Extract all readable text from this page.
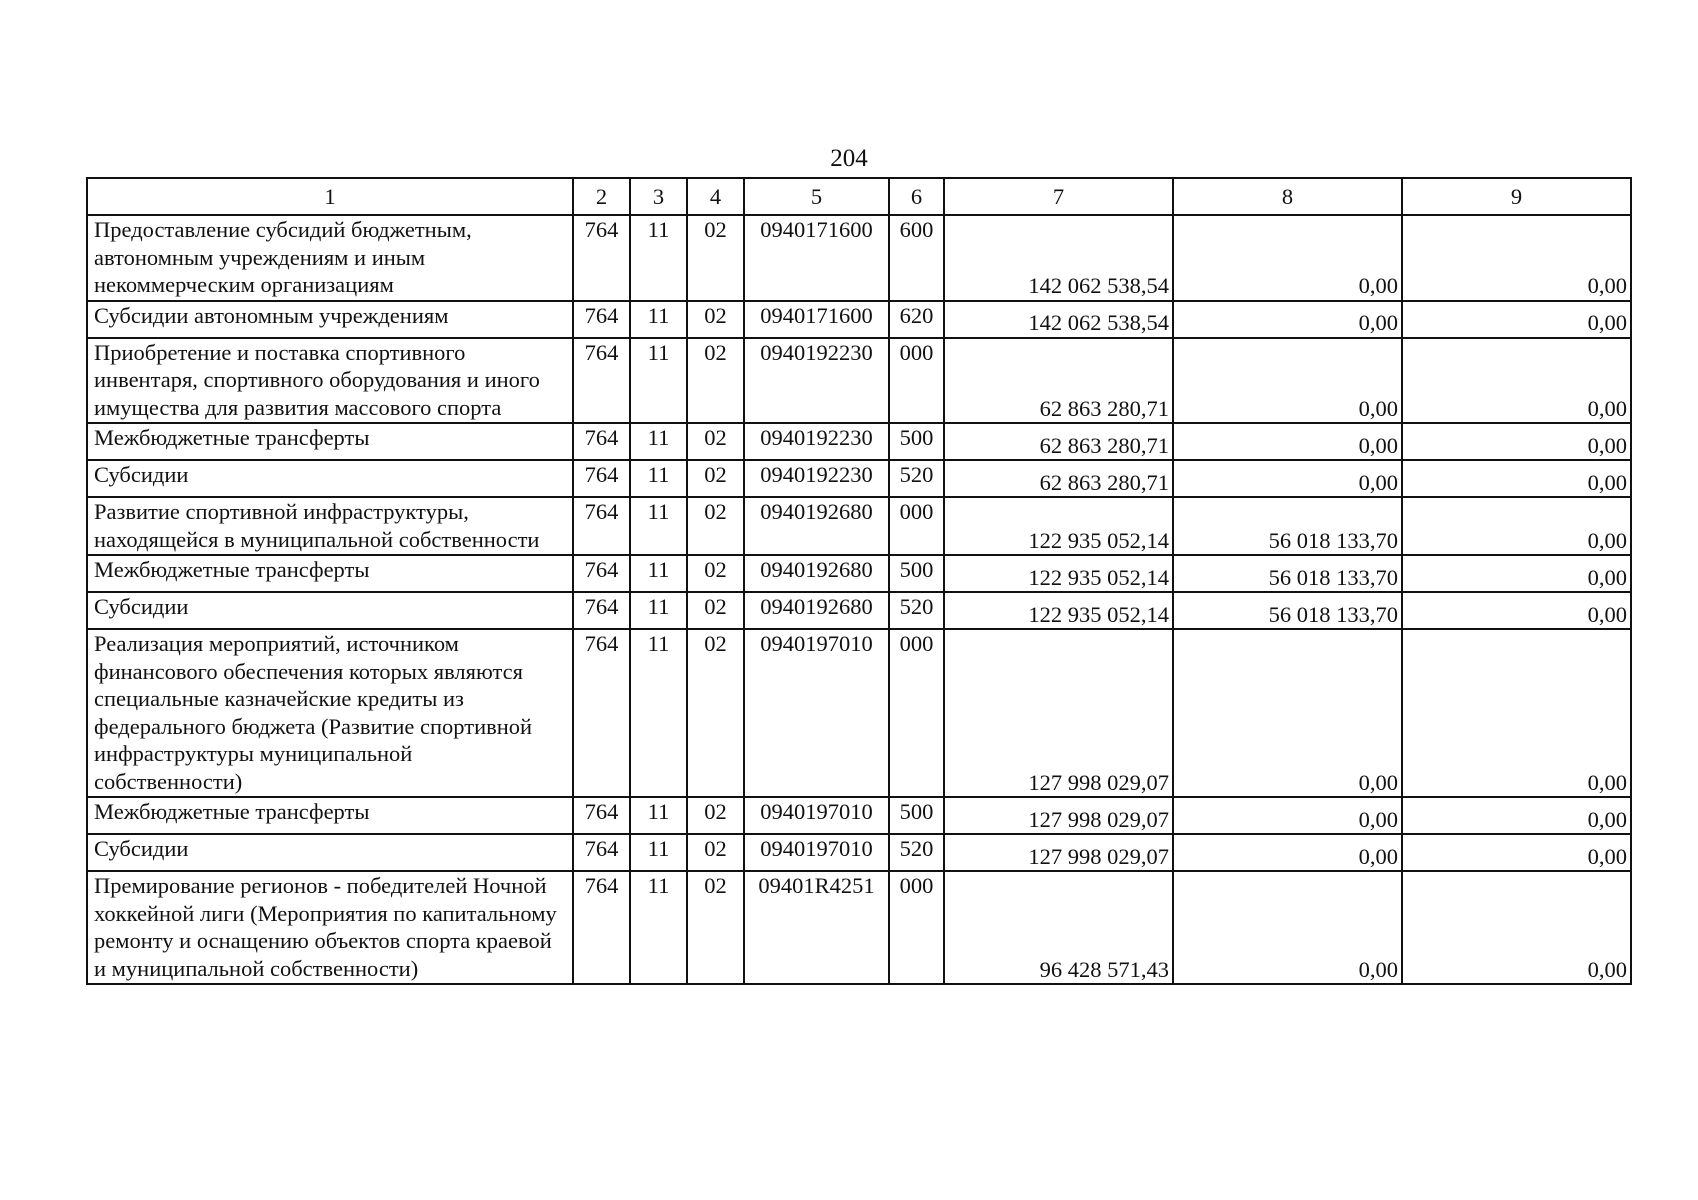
204
1	2	3	4	5	6	7	8	9
Предоставление субсидий бюджетным, автономным учреждениям и иным некоммерческим организациям	764	11	02	0940171600	600	142 062 538,54	0,00	0,00
Субсидии автономным учреждениям	764	11	02	0940171600	620	142 062 538,54	0,00	0,00
Приобретение и поставка спортивного инвентаря, спортивного оборудования и иного имущества для развития массового спорта	764	11	02	0940192230	000	62 863 280,71	0,00	0,00
Межбюджетные трансферты	764	11	02	0940192230	500	62 863 280,71	0,00	0,00
Субсидии	764	11	02	0940192230	520	62 863 280,71	0,00	0,00
Развитие спортивной инфраструктуры, находящейся в муниципальной собственности	764	11	02	0940192680	000	122 935 052,14	56 018 133,70	0,00
Межбюджетные трансферты	764	11	02	0940192680	500	122 935 052,14	56 018 133,70	0,00
Субсидии	764	11	02	0940192680	520	122 935 052,14	56 018 133,70	0,00
Реализация мероприятий, источником финансового обеспечения которых являются специальные казначейские кредиты из федерального бюджета (Развитие спортивной инфраструктуры муниципальной собственности)	764	11	02	0940197010	000	127 998 029,07	0,00	0,00
Межбюджетные трансферты	764	11	02	0940197010	500	127 998 029,07	0,00	0,00
Субсидии	764	11	02	0940197010	520	127 998 029,07	0,00	0,00
Премирование регионов - победителей Ночной хоккейной лиги (Мероприятия по капитальному ремонту и оснащению объектов спорта краевой и муниципальной собственности)	764	11	02	09401R4251	000	96 428 571,43	0,00	0,00
